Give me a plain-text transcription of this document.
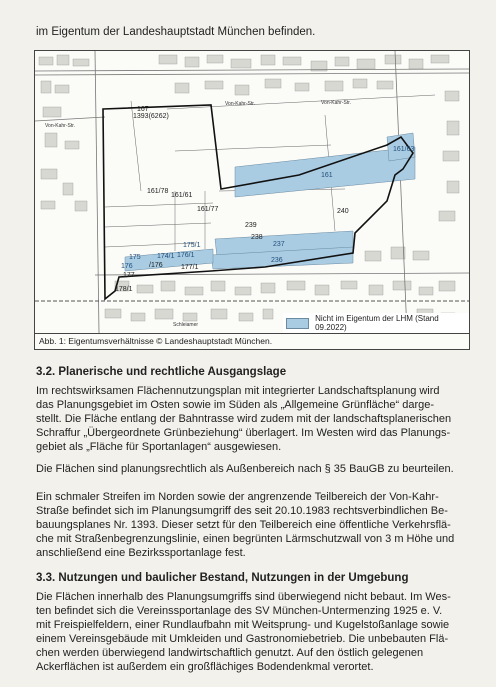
im Eigentum der Landeshauptstadt München befinden.
Von-Kahr-Str.
Von-Kahr-Str.	Von-Kahr-Str.
Schleiamer
167
1393(6262)
161/78
161/61
161/77
161
161/63
239
240
238
237
236
175/1
176/1
174/1
175
176	177/1
177
178/1
/176
Nicht im Eigentum der LHM (Stand 09.2022)
Abb. 1: Eigentumsverhältnisse © Landeshauptstadt München.
3.2. Planerische und rechtliche Ausgangslage
Im rechtswirksamen Flächennutzungsplan mit integrierter Landschaftsplanung wird
das Planungsgebiet im Osten sowie im Süden als „Allgemeine Grünfläche“ darge-
stellt. Die Fläche entlang der Bahntrasse wird zudem mit der landschaftsplanerischen
Schraffur „Übergeordnete Grünbeziehung“ überlagert. Im Westen wird das Planungs-
gebiet als „Fläche für Sportanlagen“ ausgewiesen.
Die Flächen sind planungsrechtlich als Außenbereich nach § 35 BauGB zu beurteilen.
Ein schmaler Streifen im Norden sowie der angrenzende Teilbereich der Von-Kahr-
Straße befindet sich im Planungsumgriff des seit 20.10.1983 rechtsverbindlichen Be-
bauungsplanes Nr. 1393. Dieser setzt für den Teilbereich eine öffentliche Verkehrsflä-
che mit Straßenbegrenzungslinie, einen begrünten Lärmschutzwall von 3 m Höhe und
anschließend eine Bezirkssportanlage fest.
3.3. Nutzungen und baulicher Bestand, Nutzungen in der Umgebung
Die Flächen innerhalb des Planungsumgriffs sind überwiegend nicht bebaut. Im Wes-
ten befindet sich die Vereinssportanlage des SV München-Untermenzing 1925 e. V.
mit Freispielfeldern, einer Rundlaufbahn mit Weitsprung- und Kugelstoßanlage sowie
einem Vereinsgebäude mit Umkleiden und Gastronomiebetrieb. Die unbebauten Flä-
chen werden überwiegend landwirtschaftlich genutzt. Auf den östlich gelegenen
Ackerflächen ist außerdem ein großflächiges Bodendenkmal verortet.
